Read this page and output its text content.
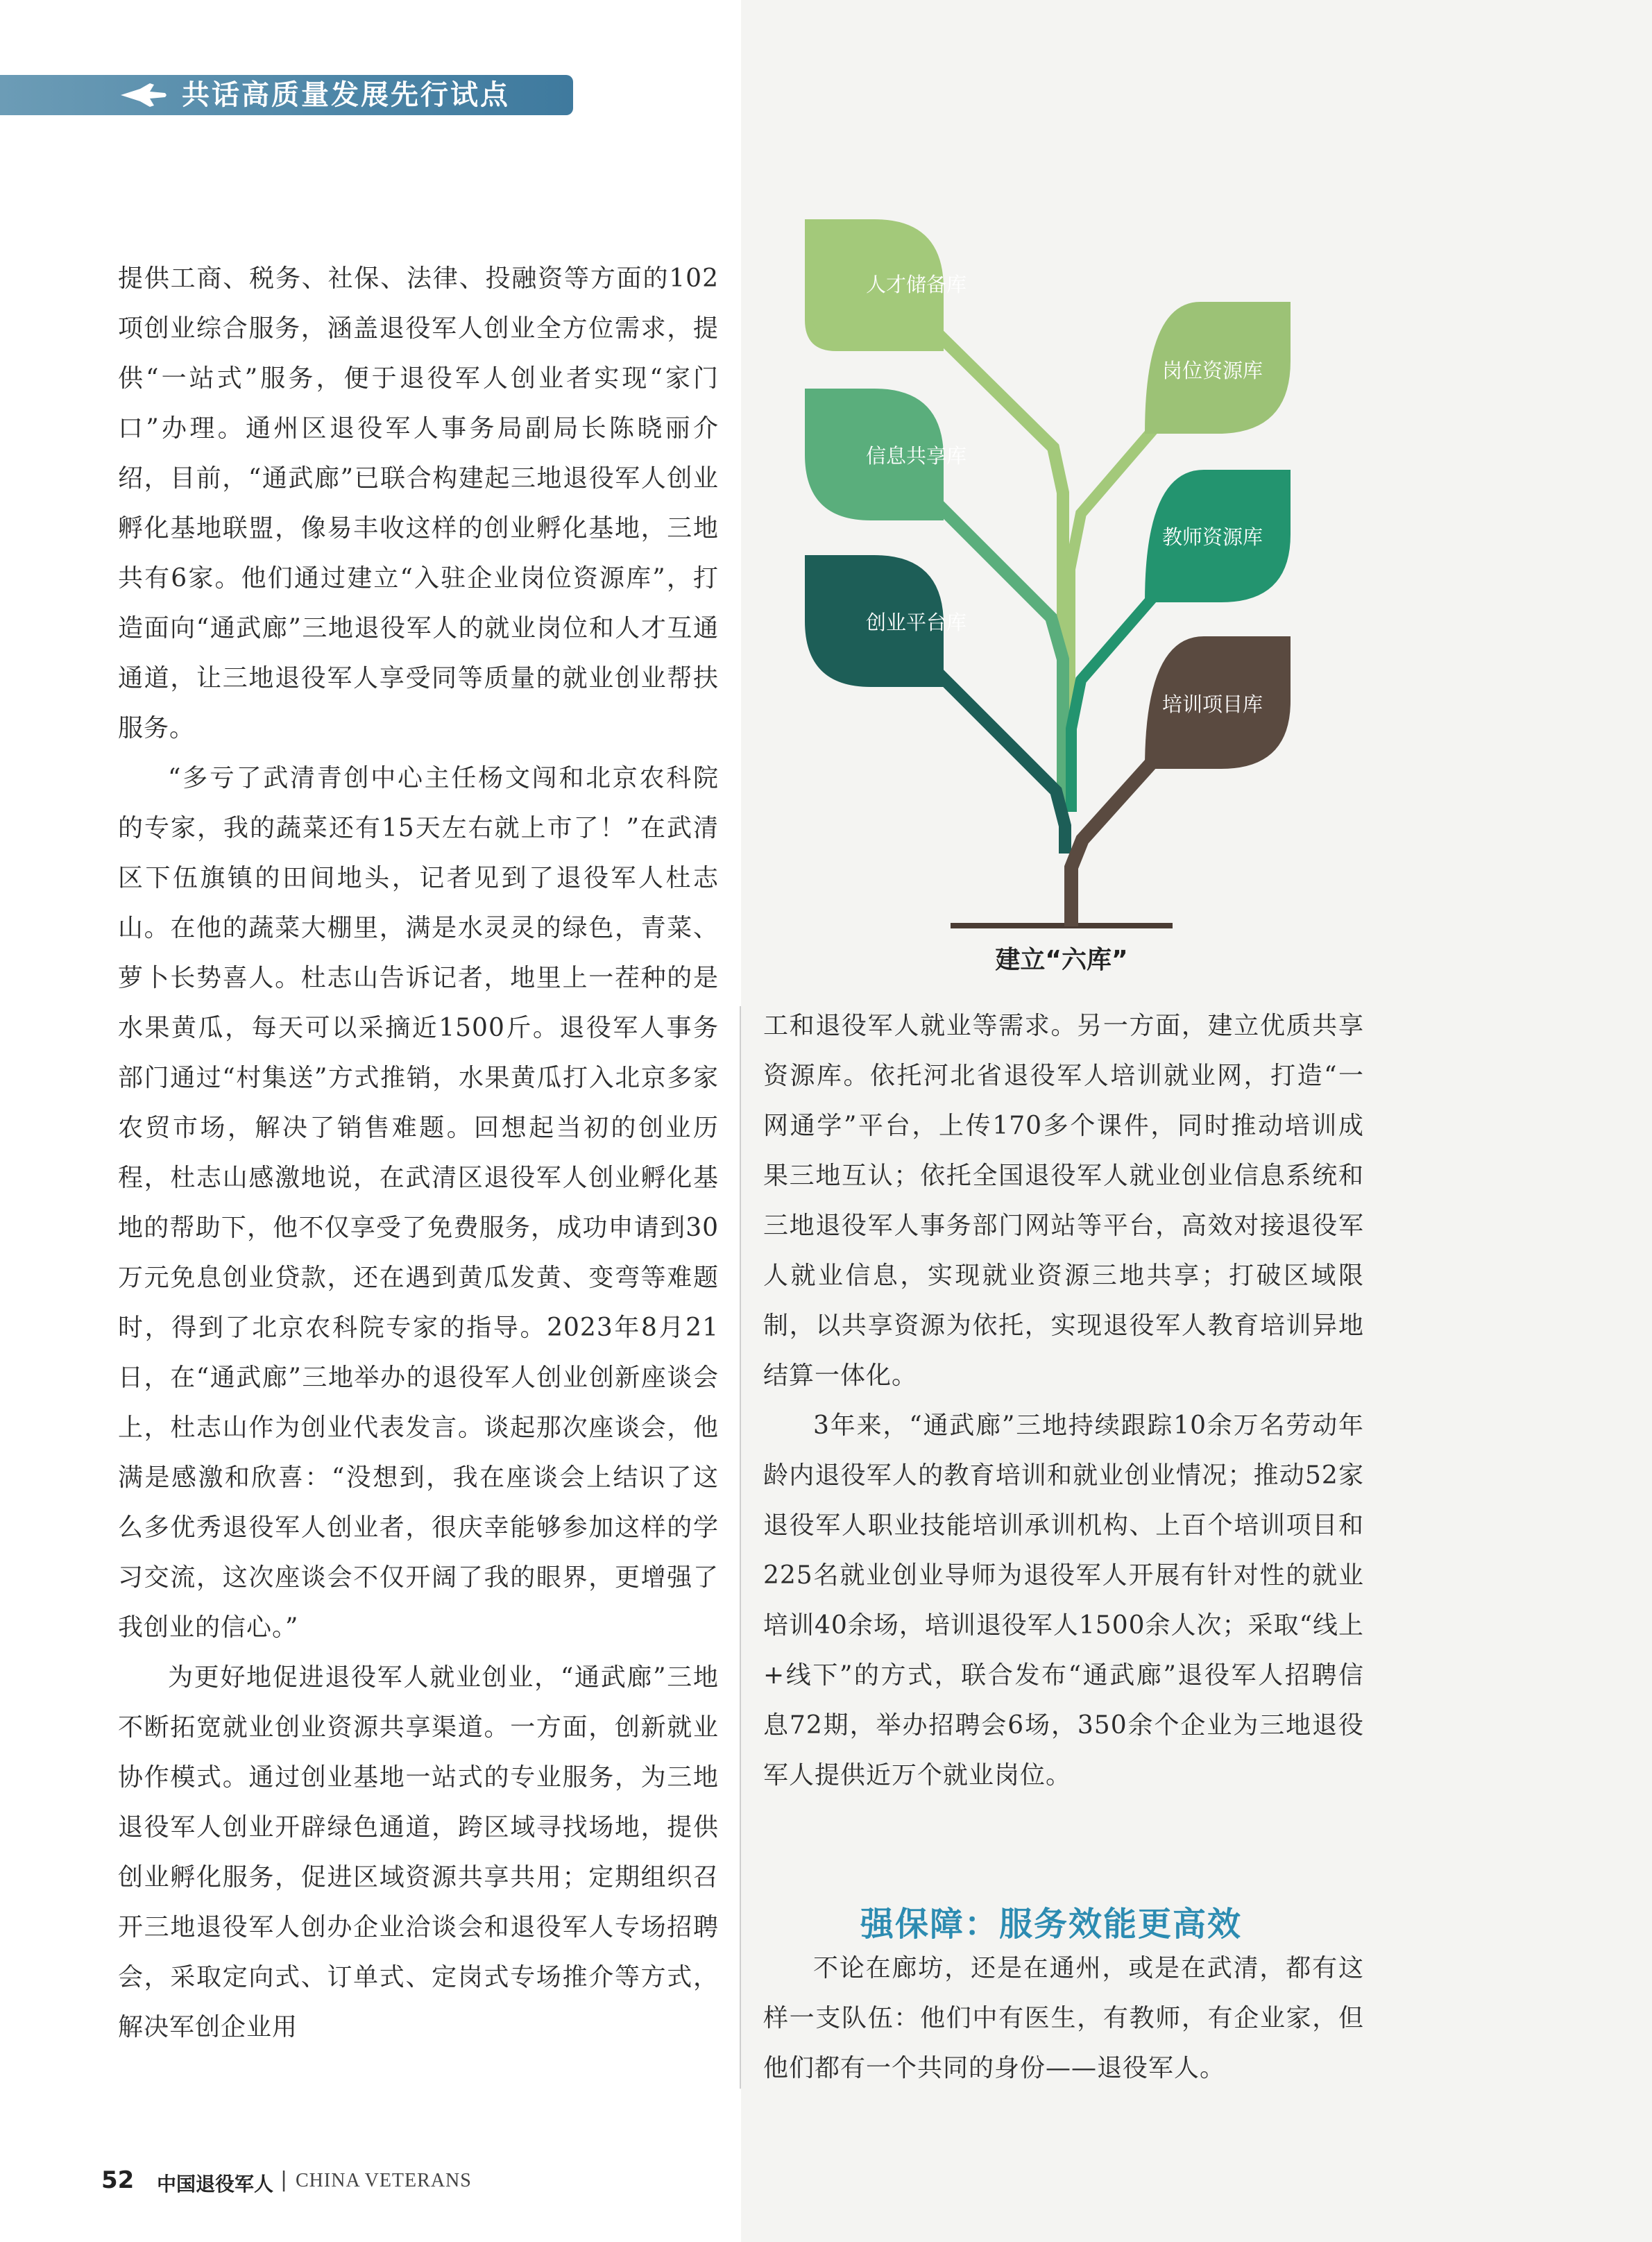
共话高质量发展先行试点

提供工商、税务、社保、法律、投融资等方面的102项创业综合服务，涵盖退役军人创业全方位需求，提供“一站式”服务，便于退役军人创业者实现“家门口”办理。通州区退役军人事务局副局长陈晓丽介绍，目前，“通武廊”已联合构建起三地退役军人创业孵化基地联盟，像易丰收这样的创业孵化基地，三地共有6家。他们通过建立“入驻企业岗位资源库”，打造面向“通武廊”三地退役军人的就业岗位和人才互通通道，让三地退役军人享受同等质量的就业创业帮扶服务。

“多亏了武清青创中心主任杨文闯和北京农科院的专家，我的蔬菜还有15天左右就上市了！”在武清区下伍旗镇的田间地头，记者见到了退役军人杜志山。在他的蔬菜大棚里，满是水灵灵的绿色，青菜、萝卜长势喜人。杜志山告诉记者，地里上一茬种的是水果黄瓜，每天可以采摘近1500斤。退役军人事务部门通过“村集送”方式推销，水果黄瓜打入北京多家农贸市场，解决了销售难题。回想起当初的创业历程，杜志山感激地说，在武清区退役军人创业孵化基地的帮助下，他不仅享受了免费服务，成功申请到30万元免息创业贷款，还在遇到黄瓜发黄、变弯等难题时，得到了北京农科院专家的指导。2023年8月21日，在“通武廊”三地举办的退役军人创业创新座谈会上，杜志山作为创业代表发言。谈起那次座谈会，他满是感激和欣喜：“没想到，我在座谈会上结识了这么多优秀退役军人创业者，很庆幸能够参加这样的学习交流，这次座谈会不仅开阔了我的眼界，更增强了我创业的信心。”

为更好地促进退役军人就业创业，“通武廊”三地不断拓宽就业创业资源共享渠道。一方面，创新就业协作模式。通过创业基地一站式的专业服务，为三地退役军人创业开辟绿色通道，跨区域寻找场地，提供创业孵化服务，促进区域资源共享共用；定期组织召开三地退役军人创办企业洽谈会和退役军人专场招聘会，采取定向式、订单式、定岗式专场推介等方式，解决军创企业用

人才储备库
岗位资源库
信息共享库
教师资源库
创业平台库
培训项目库
建立“六库”

工和退役军人就业等需求。另一方面，建立优质共享资源库。依托河北省退役军人培训就业网，打造“一网通学”平台，上传170多个课件，同时推动培训成果三地互认；依托全国退役军人就业创业信息系统和三地退役军人事务部门网站等平台，高效对接退役军人就业信息，实现就业资源三地共享；打破区域限制，以共享资源为依托，实现退役军人教育培训异地结算一体化。

3年来，“通武廊”三地持续跟踪10余万名劳动年龄内退役军人的教育培训和就业创业情况；推动52家退役军人职业技能培训承训机构、上百个培训项目和225名就业创业导师为退役军人开展有针对性的就业培训40余场，培训退役军人1500余人次；采取“线上+线下”的方式，联合发布“通武廊”退役军人招聘信息72期，举办招聘会6场，350余个企业为三地退役军人提供近万个就业岗位。

强保障：服务效能更高效

不论在廊坊，还是在通州，或是在武清，都有这样一支队伍：他们中有医生，有教师，有企业家，但他们都有一个共同的身份——退役军人。

52 中国退役军人 | CHINA VETERANS
